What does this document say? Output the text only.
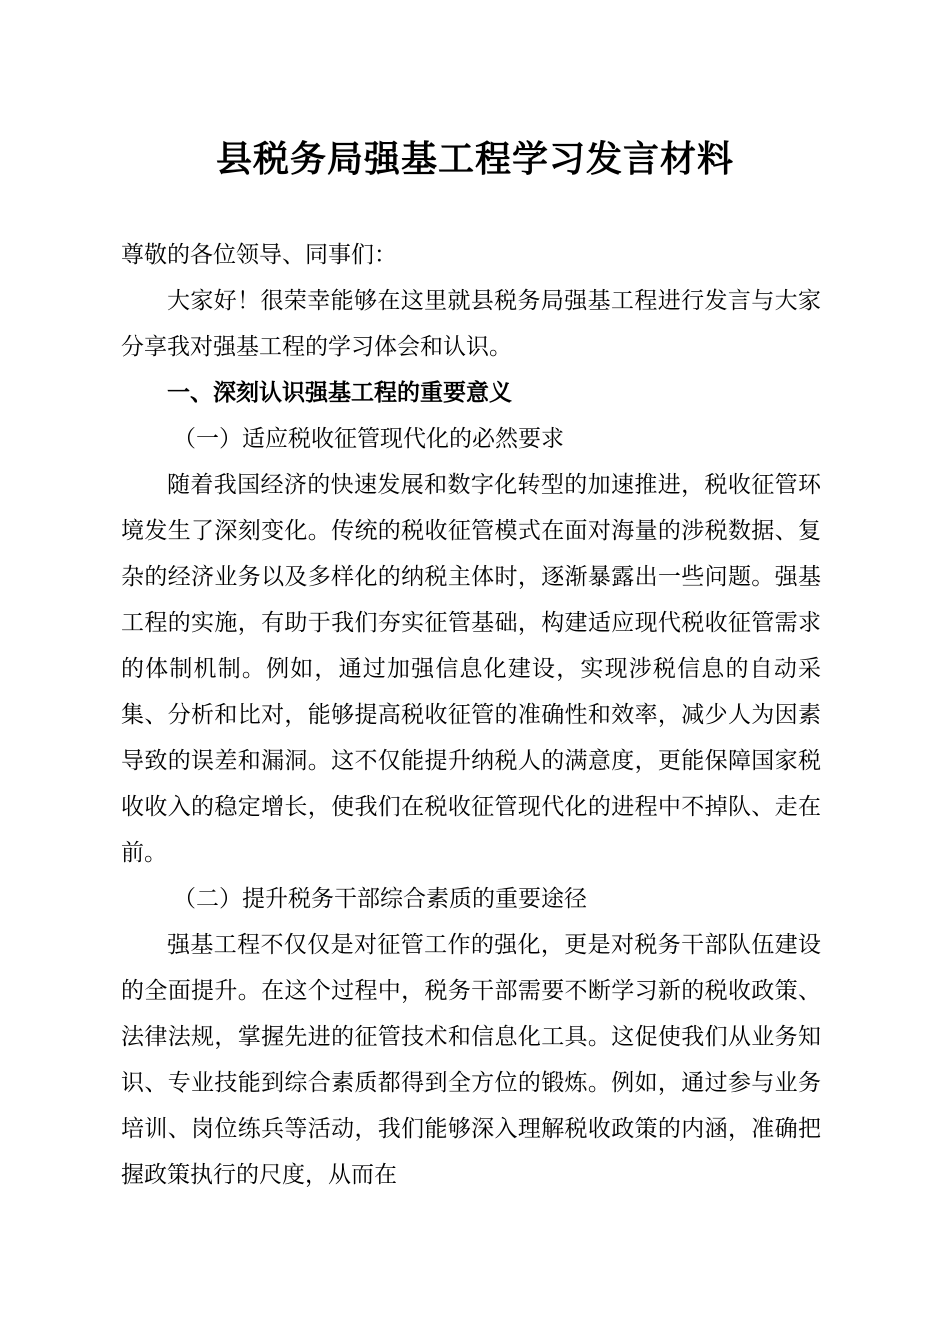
县税务局强基工程学习发言材料

尊敬的各位领导、同事们：

大家好！很荣幸能够在这里就县税务局强基工程进行发言与大家分享我对强基工程的学习体会和认识。

一、深刻认识强基工程的重要意义

（一）适应税收征管现代化的必然要求

随着我国经济的快速发展和数字化转型的加速推进，税收征管环境发生了深刻变化。传统的税收征管模式在面对海量的涉税数据、复杂的经济业务以及多样化的纳税主体时，逐渐暴露出一些问题。强基工程的实施，有助于我们夯实征管基础，构建适应现代税收征管需求的体制机制。例如，通过加强信息化建设，实现涉税信息的自动采集、分析和比对，能够提高税收征管的准确性和效率，减少人为因素导致的误差和漏洞。这不仅能提升纳税人的满意度，更能保障国家税收收入的稳定增长，使我们在税收征管现代化的进程中不掉队、走在前。

（二）提升税务干部综合素质的重要途径

强基工程不仅仅是对征管工作的强化，更是对税务干部队伍建设的全面提升。在这个过程中，税务干部需要不断学习新的税收政策、法律法规，掌握先进的征管技术和信息化工具。这促使我们从业务知识、专业技能到综合素质都得到全方位的锻炼。例如，通过参与业务培训、岗位练兵等活动，我们能够深入理解税收政策的内涵，准确把握政策执行的尺度，从而在
